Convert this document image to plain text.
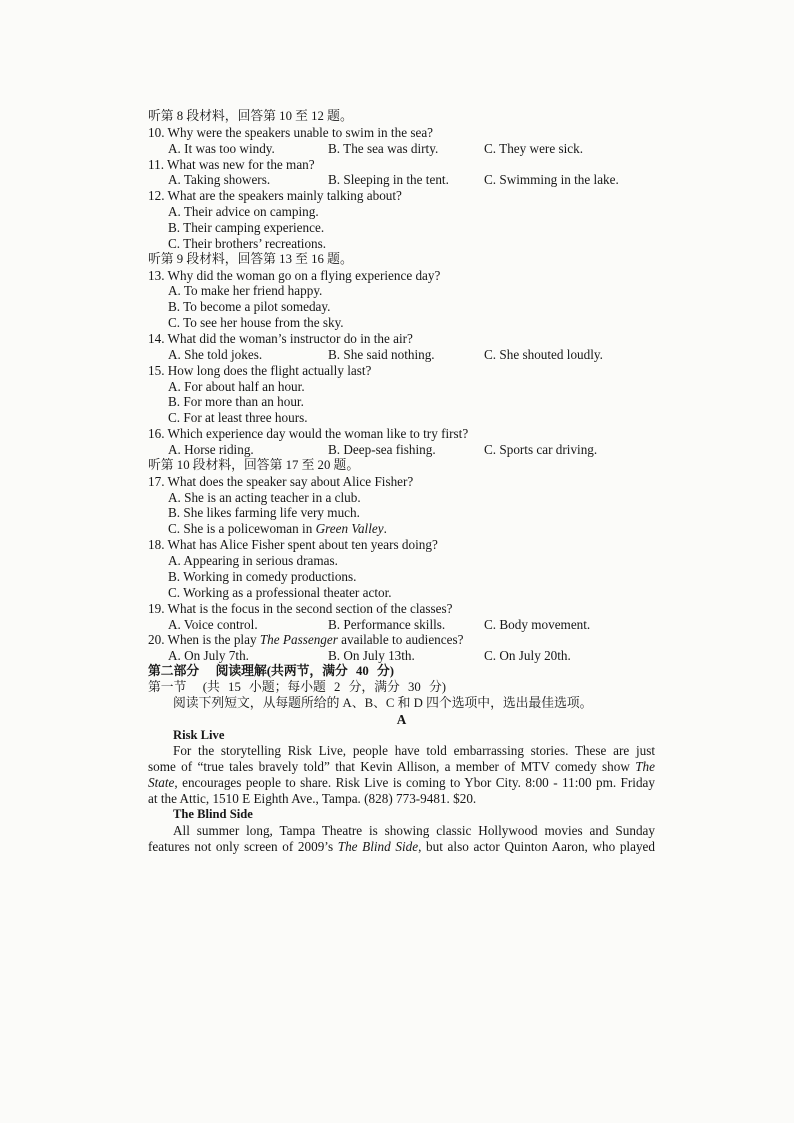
听第 8 段材料，回答第 10 至 12 题。
10. Why were the speakers unable to swim in the sea?
A. It was too windy.	B. The sea was dirty.	C. They were sick.
11. What was new for the man?
A. Taking showers.	B. Sleeping in the tent.	C. Swimming in the lake.
12. What are the speakers mainly talking about?
A. Their advice on camping.
B. Their camping experience.
C. Their brothers’ recreations.
听第 9 段材料，回答第 13 至 16 题。
13. Why did the woman go on a flying experience day?
A. To make her friend happy.
B. To become a pilot someday.
C. To see her house from the sky.
14. What did the woman’s instructor do in the air?
A. She told jokes.	B. She said nothing.	C. She shouted loudly.
15. How long does the flight actually last?
A. For about half an hour.
B. For more than an hour.
C. For at least three hours.
16. Which experience day would the woman like to try first?
A. Horse riding.	B. Deep-sea fishing.	C. Sports car driving.
听第 10 段材料，回答第 17 至 20 题。
17. What does the speaker say about Alice Fisher?
A. She is an acting teacher in a club.
B. She likes farming life very much.
C. She is a policewoman in Green Valley.
18. What has Alice Fisher spent about ten years doing?
A. Appearing in serious dramas.
B. Working in comedy productions.
C. Working as a professional theater actor.
19. What is the focus in the second section of the classes?
A. Voice control.	B. Performance skills.	C. Body movement.
20. When is the play The Passenger available to audiences?
A. On July 7th.	B. On July 13th.	C. On July 20th.
第二部分  阅读理解(共两节，满分 40 分)
第一节  (共 15 小题；每小题 2 分，满分 30 分)
阅读下列短文，从每题所给的 A、B、C 和 D 四个选项中，选出最佳选项。
A
Risk Live
For the storytelling Risk Live, people have told embarrassing stories. These are just
some of “true tales bravely told” that Kevin Allison, a member of MTV comedy show The
State, encourages people to share. Risk Live is coming to Ybor City. 8:00 - 11:00 pm. Friday
at the Attic, 1510 E Eighth Ave., Tampa. (828) 773-9481. $20.
The Blind Side
All summer long, Tampa Theatre is showing classic Hollywood movies and Sunday
features not only screen of 2009’s The Blind Side, but also actor Quinton Aaron, who played
